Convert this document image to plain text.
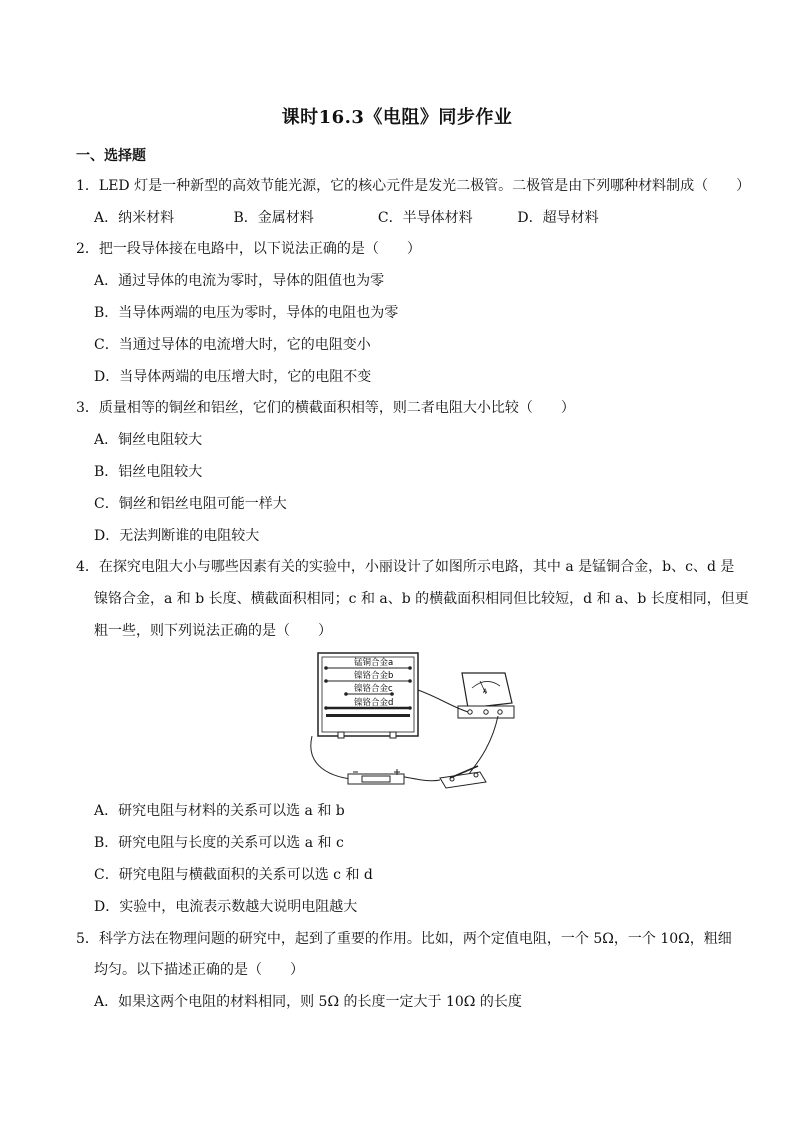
课时16.3《电阻》同步作业
一、选择题
1．LED 灯是一种新型的高效节能光源，它的核心元件是发光二极管。二极管是由下列哪种材料制成（　　）
A．纳米材料	B．金属材料	C．半导体材料	D．超导材料
2．把一段导体接在电路中，以下说法正确的是（　　）
A．通过导体的电流为零时，导体的阻值也为零
B．当导体两端的电压为零时，导体的电阻也为零
C．当通过导体的电流增大时，它的电阻变小
D．当导体两端的电压增大时，它的电阻不变
3．质量相等的铜丝和铝丝，它们的横截面积相等，则二者电阻大小比较（　　）
A．铜丝电阻较大
B．铝丝电阻较大
C．铜丝和铝丝电阻可能一样大
D．无法判断谁的电阻较大
4．在探究电阻大小与哪些因素有关的实验中，小丽设计了如图所示电路，其中 a 是锰铜合金，b、c、d 是
镍铬合金，a 和 b 长度、横截面积相同；c 和 a、b 的横截面积相同但比较短，d 和 a、b 长度相同，但更
粗一些，则下列说法正确的是（　　）
锰铜合金a
镍铬合金b
镍铬合金c
镍铬合金d
A
A．研究电阻与材料的关系可以选 a 和 b
B．研究电阻与长度的关系可以选 a 和 c
C．研究电阻与横截面积的关系可以选 c 和 d
D．实验中，电流表示数越大说明电阻越大
5．科学方法在物理问题的研究中，起到了重要的作用。比如，两个定值电阻，一个 5Ω，一个 10Ω，粗细
均匀。以下描述正确的是（　　）
A．如果这两个电阻的材料相同，则 5Ω 的长度一定大于 10Ω 的长度
